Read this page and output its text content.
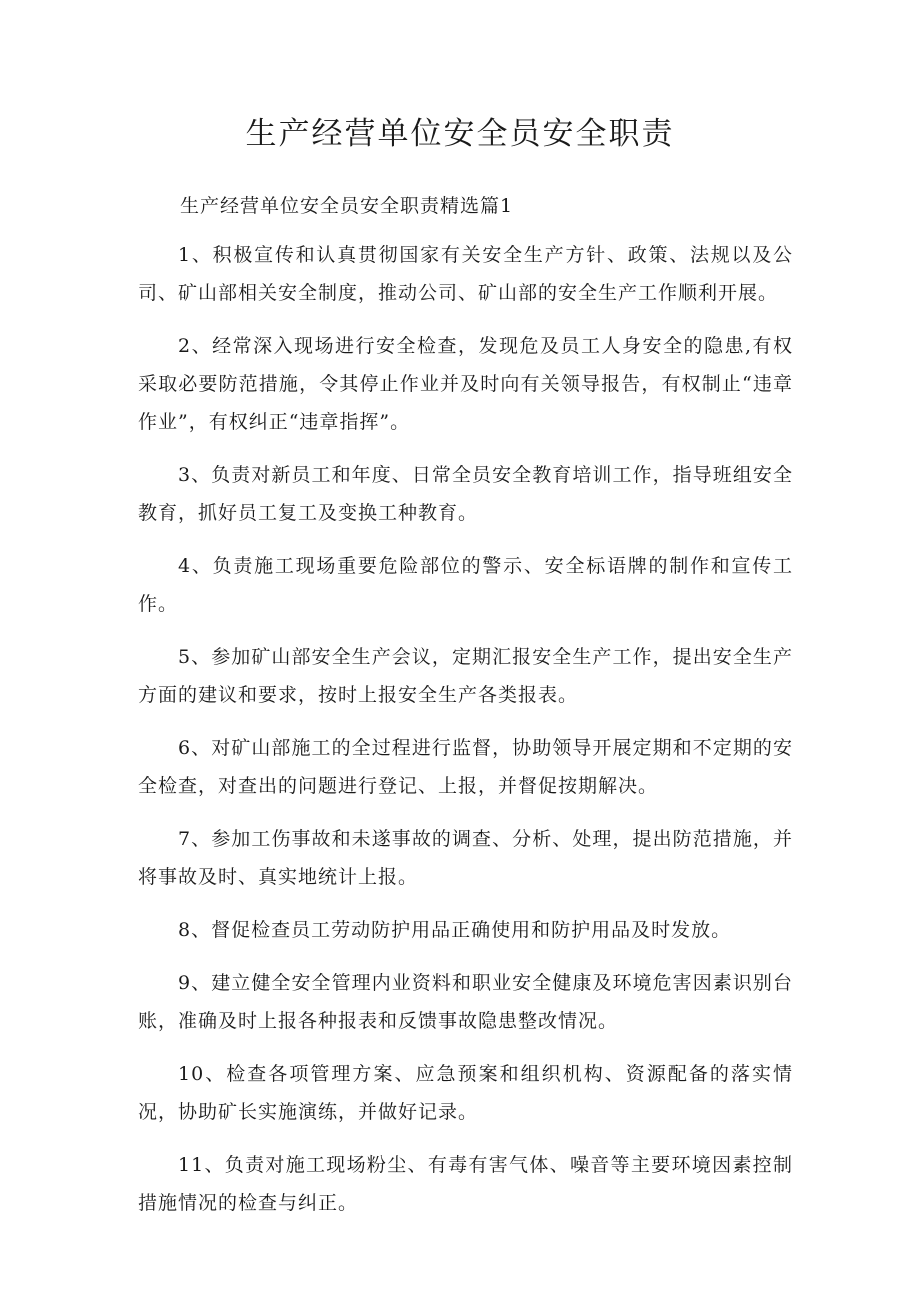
生产经营单位安全员安全职责

生产经营单位安全员安全职责精选篇1

1、积极宣传和认真贯彻国家有关安全生产方针、政策、法规以及公司、矿山部相关安全制度，推动公司、矿山部的安全生产工作顺利开展。
2、经常深入现场进行安全检查，发现危及员工人身安全的隐患,有权采取必要防范措施，令其停止作业并及时向有关领导报告，有权制止“违章作业”，有权纠正“违章指挥”。
3、负责对新员工和年度、日常全员安全教育培训工作，指导班组安全教育，抓好员工复工及变换工种教育。
4、负责施工现场重要危险部位的警示、安全标语牌的制作和宣传工作。
5、参加矿山部安全生产会议，定期汇报安全生产工作，提出安全生产方面的建议和要求，按时上报安全生产各类报表。
6、对矿山部施工的全过程进行监督，协助领导开展定期和不定期的安全检查，对查出的问题进行登记、上报，并督促按期解决。
7、参加工伤事故和未遂事故的调查、分析、处理，提出防范措施，并将事故及时、真实地统计上报。
8、督促检查员工劳动防护用品正确使用和防护用品及时发放。
9、建立健全安全管理内业资料和职业安全健康及环境危害因素识别台账，准确及时上报各种报表和反馈事故隐患整改情况。
10、检查各项管理方案、应急预案和组织机构、资源配备的落实情况，协助矿长实施演练，并做好记录。
11、负责对施工现场粉尘、有毒有害气体、噪音等主要环境因素控制措施情况的检查与纠正。
